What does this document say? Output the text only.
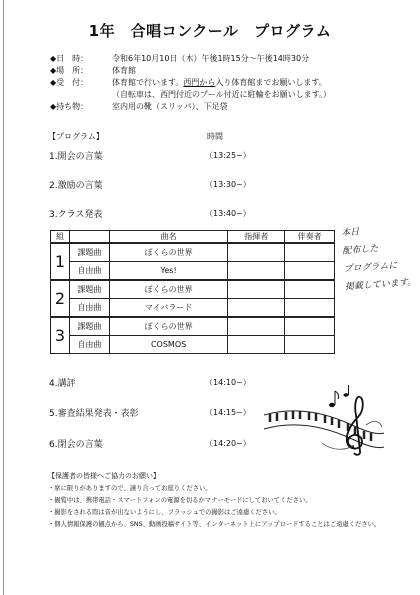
1年　合唱コンクール　プログラム
◆日　時：	令和6年10月10日（木）午後1時15分～午後14時30分
◆場　所：	体育館
◆受　付：	体育館で行います。西門から入り体育館までお願いします。
（自転車は、西門付近のプール付近に駐輪をお願いします。）
◆持ち物：	室内用の靴（スリッパ）、下足袋
【プログラム】	時間
1.開会の言葉	（13:25~）
2.激励の言葉	（13:30~）
3.クラス発表	（13:40~）
組		曲名	指揮者	伴奏者
1	課題曲	ぼくらの世界		
	自由曲	Yes!		
2	課題曲	ぼくらの世界		
	自由曲	マイバラード		
3	課題曲	ぼくらの世界		
	自由曲	COSMOS		
本日
配布した
プログラムに
掲載しています。
4.講評	（14:10~）
5.審査結果発表・表彰	（14:15~）
6.閉会の言葉	（14:20~）
【保護者の皆様へご協力のお願い】
・席に限りがありますので、譲り合ってお座りください。
・観覧中は、携帯電話・スマートフォンの電源を切るかマナーモードにしておいてください。
・撮影をされる際は音が出ないようにし、フラッシュでの撮影はご遠慮ください。
・個人情報保護の観点から、SNS、動画投稿サイト等、インターネット上にアップロードすることはご遠慮ください。
